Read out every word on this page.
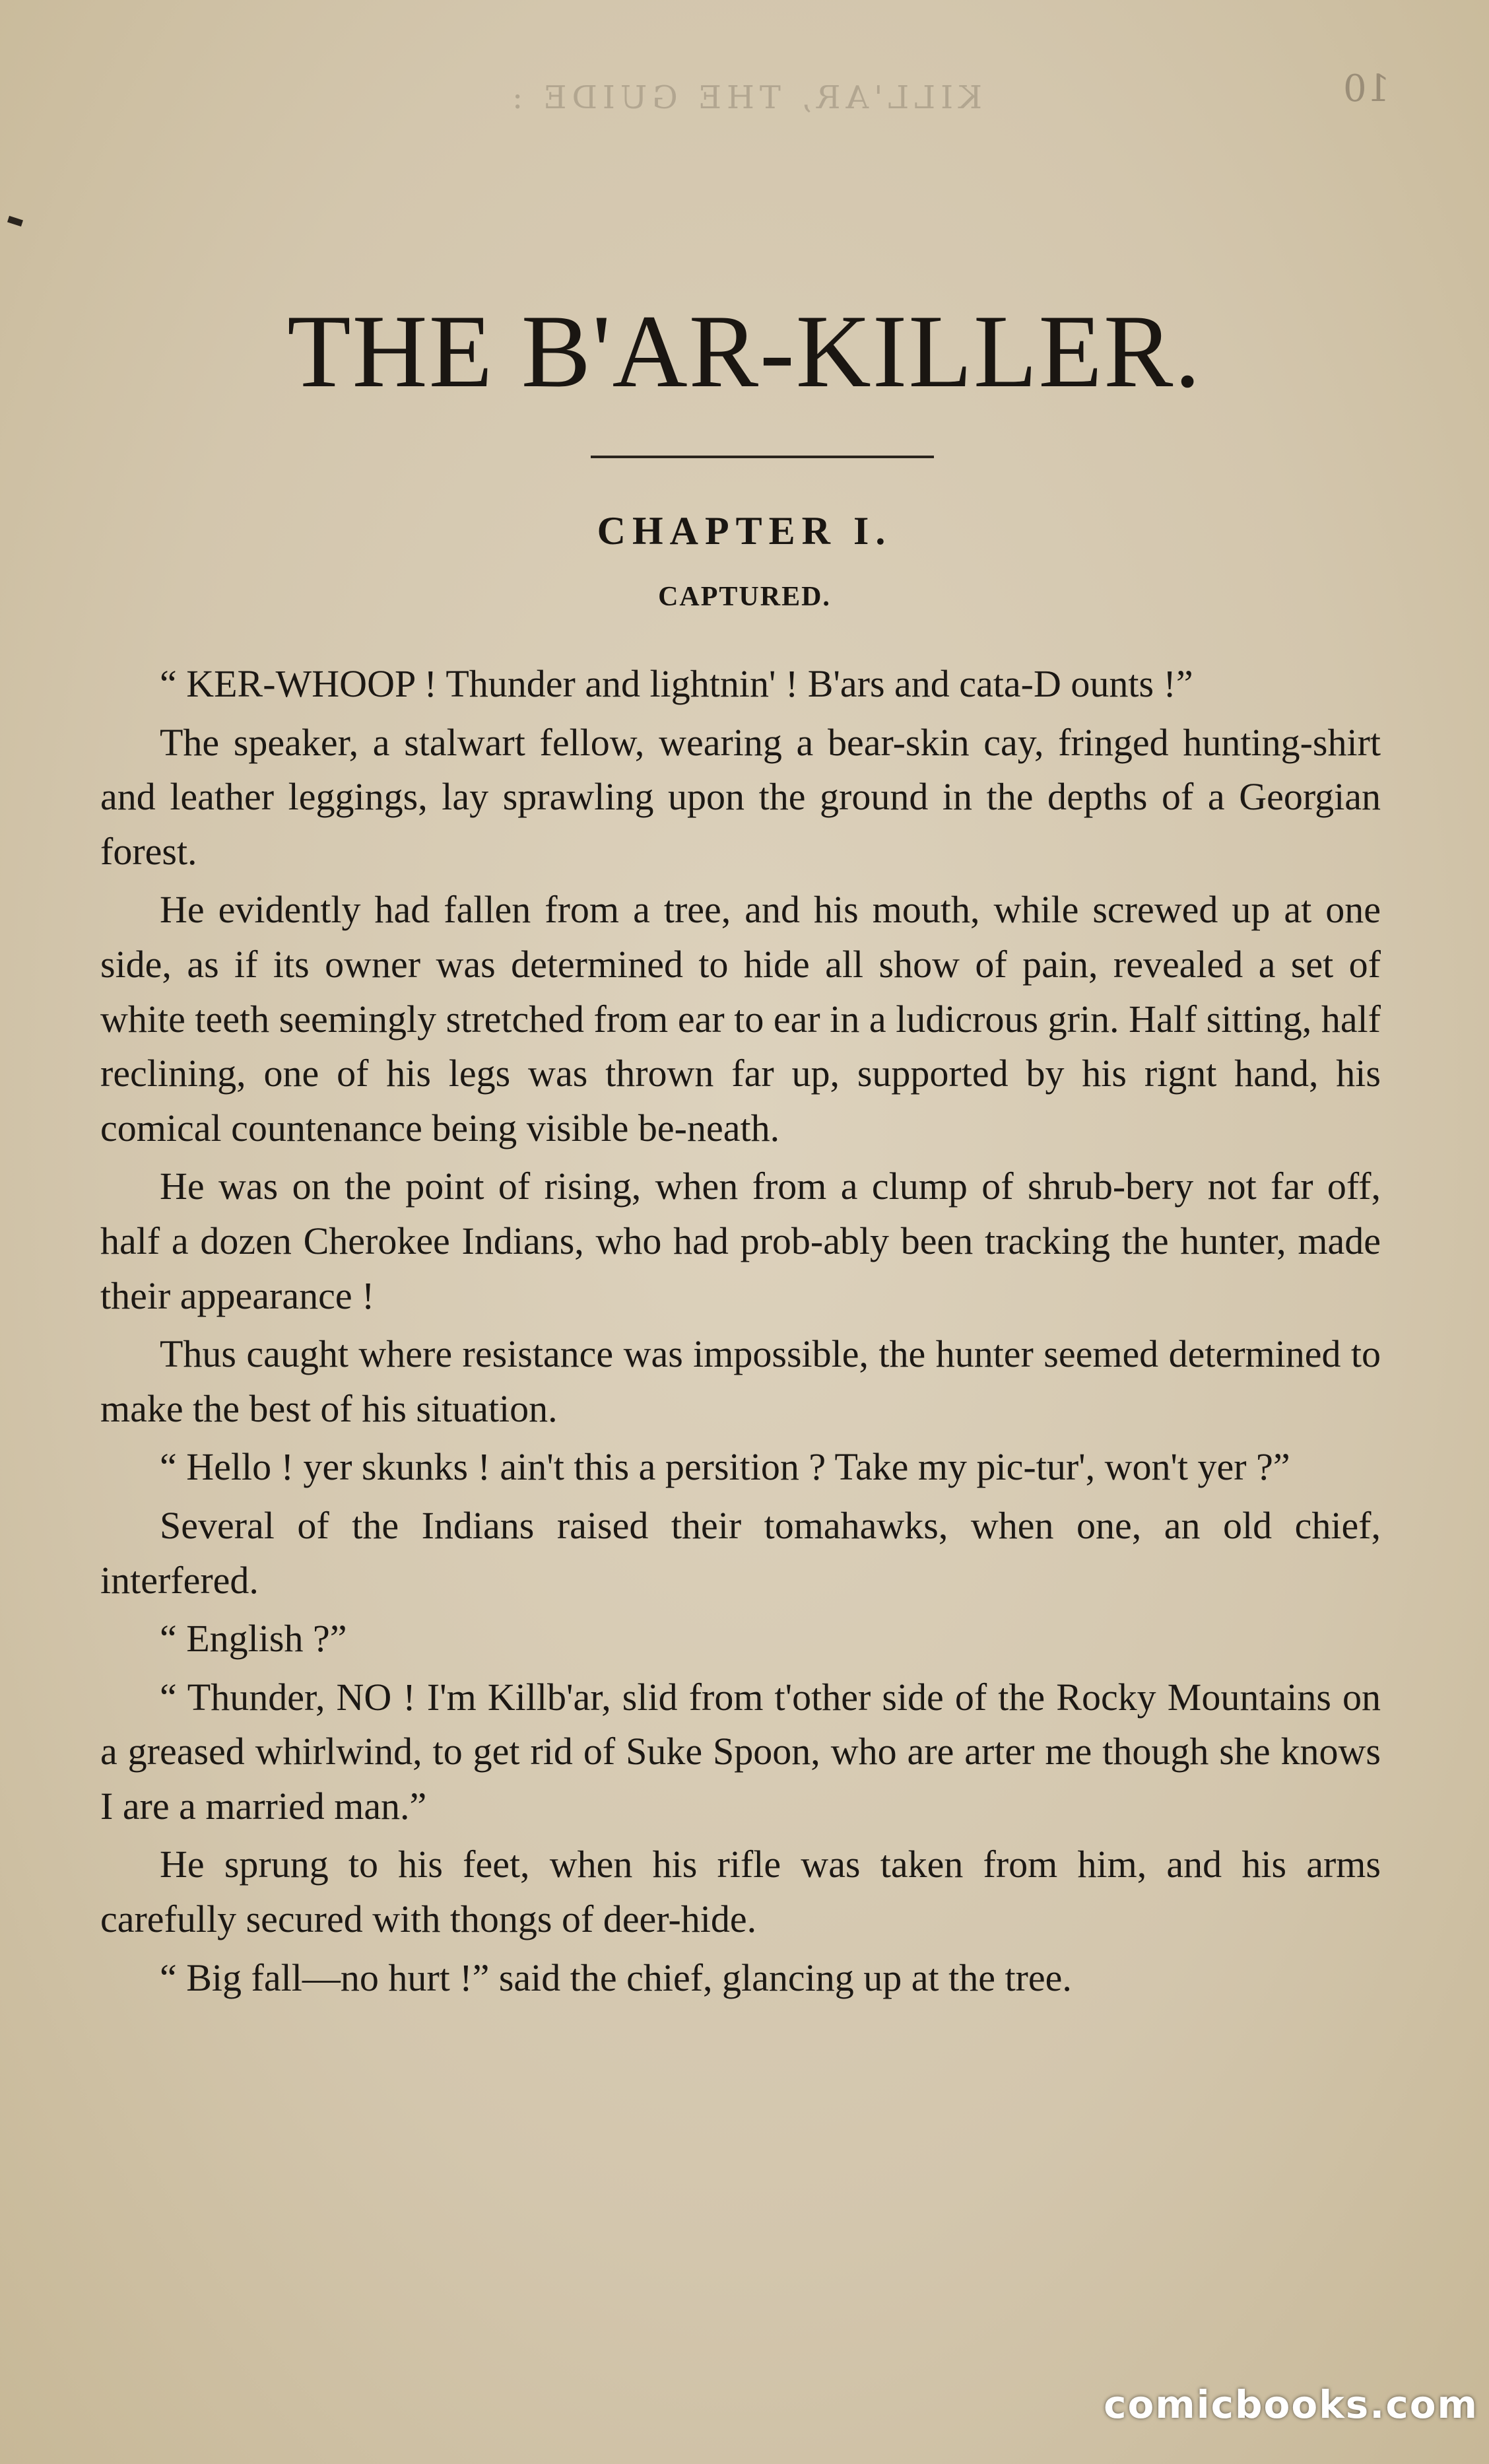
KILL'AR, THE GUIDE :	10
THE B'AR-KILLER.
CHAPTER I.
CAPTURED.

“ KER-WHOOP ! Thunder and lightnin' ! B'ars and cata-​D ounts !”

The speaker, a stalwart fellow, wearing a bear-skin ca​y, fringed hunting-shirt and leather leggings, lay sprawling upo​n the ground in the depths of a Georgian forest.

He evidently had fallen from a tree, and his mouth, while screwed up at one side, as if its owner was determined to hide all show of pain, revealed a set of white teeth seemingly stretched from ear to ear in a ludicrous grin. Half sitting, half reclining, one of his legs was thrown far up, supported by his rignt hand, his comical countenance being visible be-neath.

He was on the point of rising, when from a clump of shrub-bery not far off, half a dozen Cherokee Indians, who had prob-ably been tracking the hunter, made their appearance !

Thus caught where resistance was impossible, the hunter seemed determined to make the best of his situation.

“ Hello ! yer skunks ! ain't this a persition ? Take my pic-tur', won't yer ?”

Several of the Indians raised their tomahawks, when one, an old chief, interfered.

“ English ?”

“ Thunder, NO ! I'm Killb'ar, slid from t'other side of the Rocky Mountains on a greased whirlwind, to get rid of Suke Spoon, who are arter me though she knows I are a married man.”

He sprung to his feet, when his rifle was taken from him, and his arms carefully secured with thongs of deer-hide.

“ Big fall—no hurt !” said the chief, glancing up at the tree.

comicbooks.com
